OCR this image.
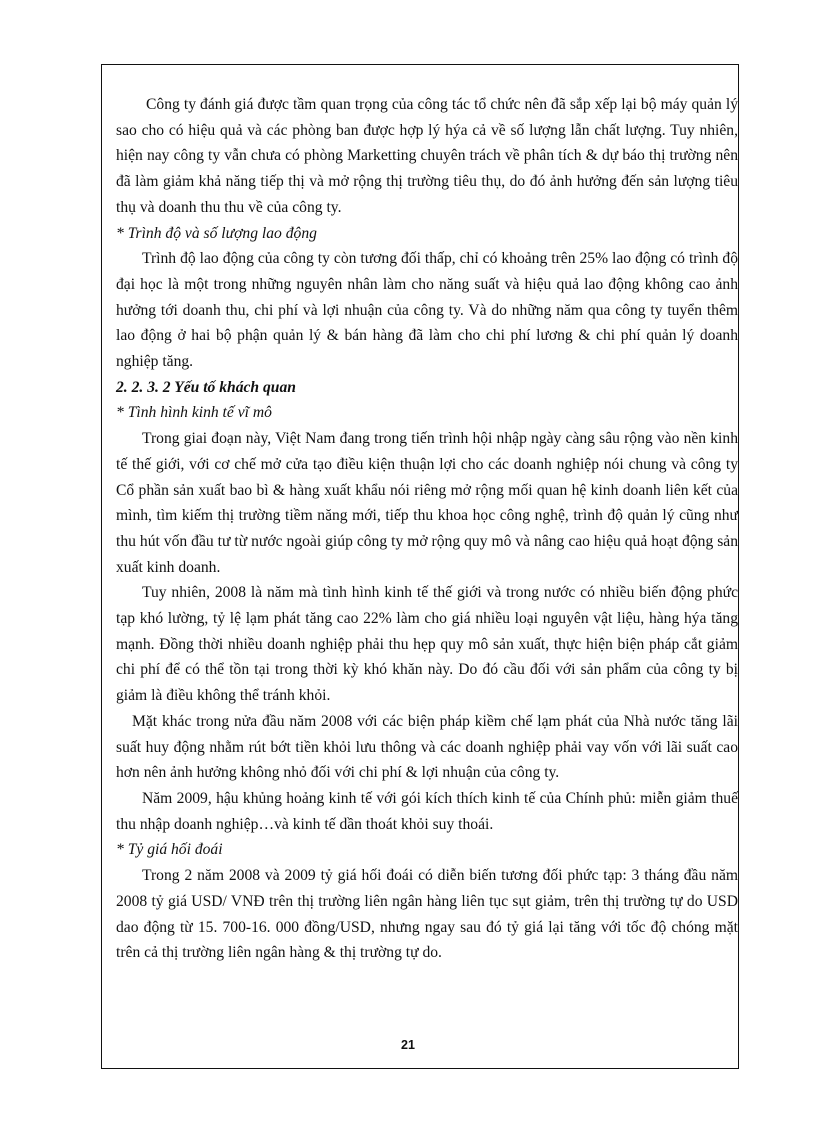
Công ty đánh giá được tầm quan trọng của công tác tổ chức nên đã sắp xếp lại bộ máy quản lý sao cho có hiệu quả và các phòng ban được hợp lý hýa cả về số lượng lẫn chất lượng. Tuy nhiên, hiện nay công ty vẫn chưa có phòng Marketting chuyên trách về phân tích & dự báo thị trường nên đã làm giảm khả năng tiếp thị và mở rộng thị trường tiêu thụ, do đó ảnh hưởng đến sản lượng tiêu thụ và doanh thu thu về của công ty.

* Trình độ và số lượng lao động

Trình độ lao động của công ty còn tương đối thấp, chỉ có khoảng trên 25% lao động có trình độ đại học là một trong những nguyên nhân làm cho năng suất và hiệu quả lao động không cao ảnh hưởng tới doanh thu, chi phí và lợi nhuận của công ty. Và do những năm qua công ty tuyển thêm lao động ở hai bộ phận quản lý & bán hàng đã làm cho chi phí lương & chi phí quản lý doanh nghiệp tăng.

2. 2. 3. 2 Yếu tố khách quan

* Tình hình kinh tế vĩ mô

Trong giai đoạn này, Việt Nam đang trong tiến trình hội nhập ngày càng sâu rộng vào nền kinh tế thế giới, với cơ chế mở cửa tạo điều kiện thuận lợi cho các doanh nghiệp nói chung và công ty Cổ phần sản xuất bao bì & hàng xuất khẩu nói riêng mở rộng mối quan hệ kinh doanh liên kết của mình, tìm kiếm thị trường tiềm năng mới, tiếp thu khoa học công nghệ, trình độ quản lý cũng như thu hút vốn đầu tư từ nước ngoài giúp công ty mở rộng quy mô và nâng cao hiệu quả hoạt động sản xuất kinh doanh.

Tuy nhiên, 2008 là năm mà tình hình kinh tế thế giới và trong nước có nhiều biến động phức tạp khó lường, tỷ lệ lạm phát tăng cao 22% làm cho giá nhiều loại nguyên vật liệu, hàng hýa tăng mạnh. Đồng thời nhiều doanh nghiệp phải thu hẹp quy mô sản xuất, thực hiện biện pháp cắt giảm chi phí để có thể tồn tại trong thời kỳ khó khăn này. Do đó cầu đối với sản phẩm của công ty bị giảm là điều không thể tránh khỏi.

Mặt khác trong nửa đầu năm 2008 với các biện pháp kiềm chế lạm phát của Nhà nước tăng lãi suất huy động nhằm rút bớt tiền khỏi lưu thông và các doanh nghiệp phải vay vốn với lãi suất cao hơn nên ảnh hưởng không nhỏ đối với chi phí & lợi nhuận của công ty.

Năm 2009, hậu khủng hoảng kinh tế với gói kích thích kinh tế của Chính phủ: miễn giảm thuế thu nhập doanh nghiệp…và kinh tế dần thoát khỏi suy thoái.

* Tỷ giá hối đoái

Trong 2 năm 2008 và 2009 tỷ giá hối đoái có diễn biến tương đối phức tạp: 3 tháng đầu năm 2008 tỷ giá USD/ VNĐ trên thị trường liên ngân hàng liên tục sụt giảm, trên thị trường tự do USD dao động từ 15. 700-16. 000 đồng/USD, nhưng ngay sau đó tỷ giá lại tăng với tốc độ chóng mặt trên cả thị trường liên ngân hàng & thị trường tự do.

21
